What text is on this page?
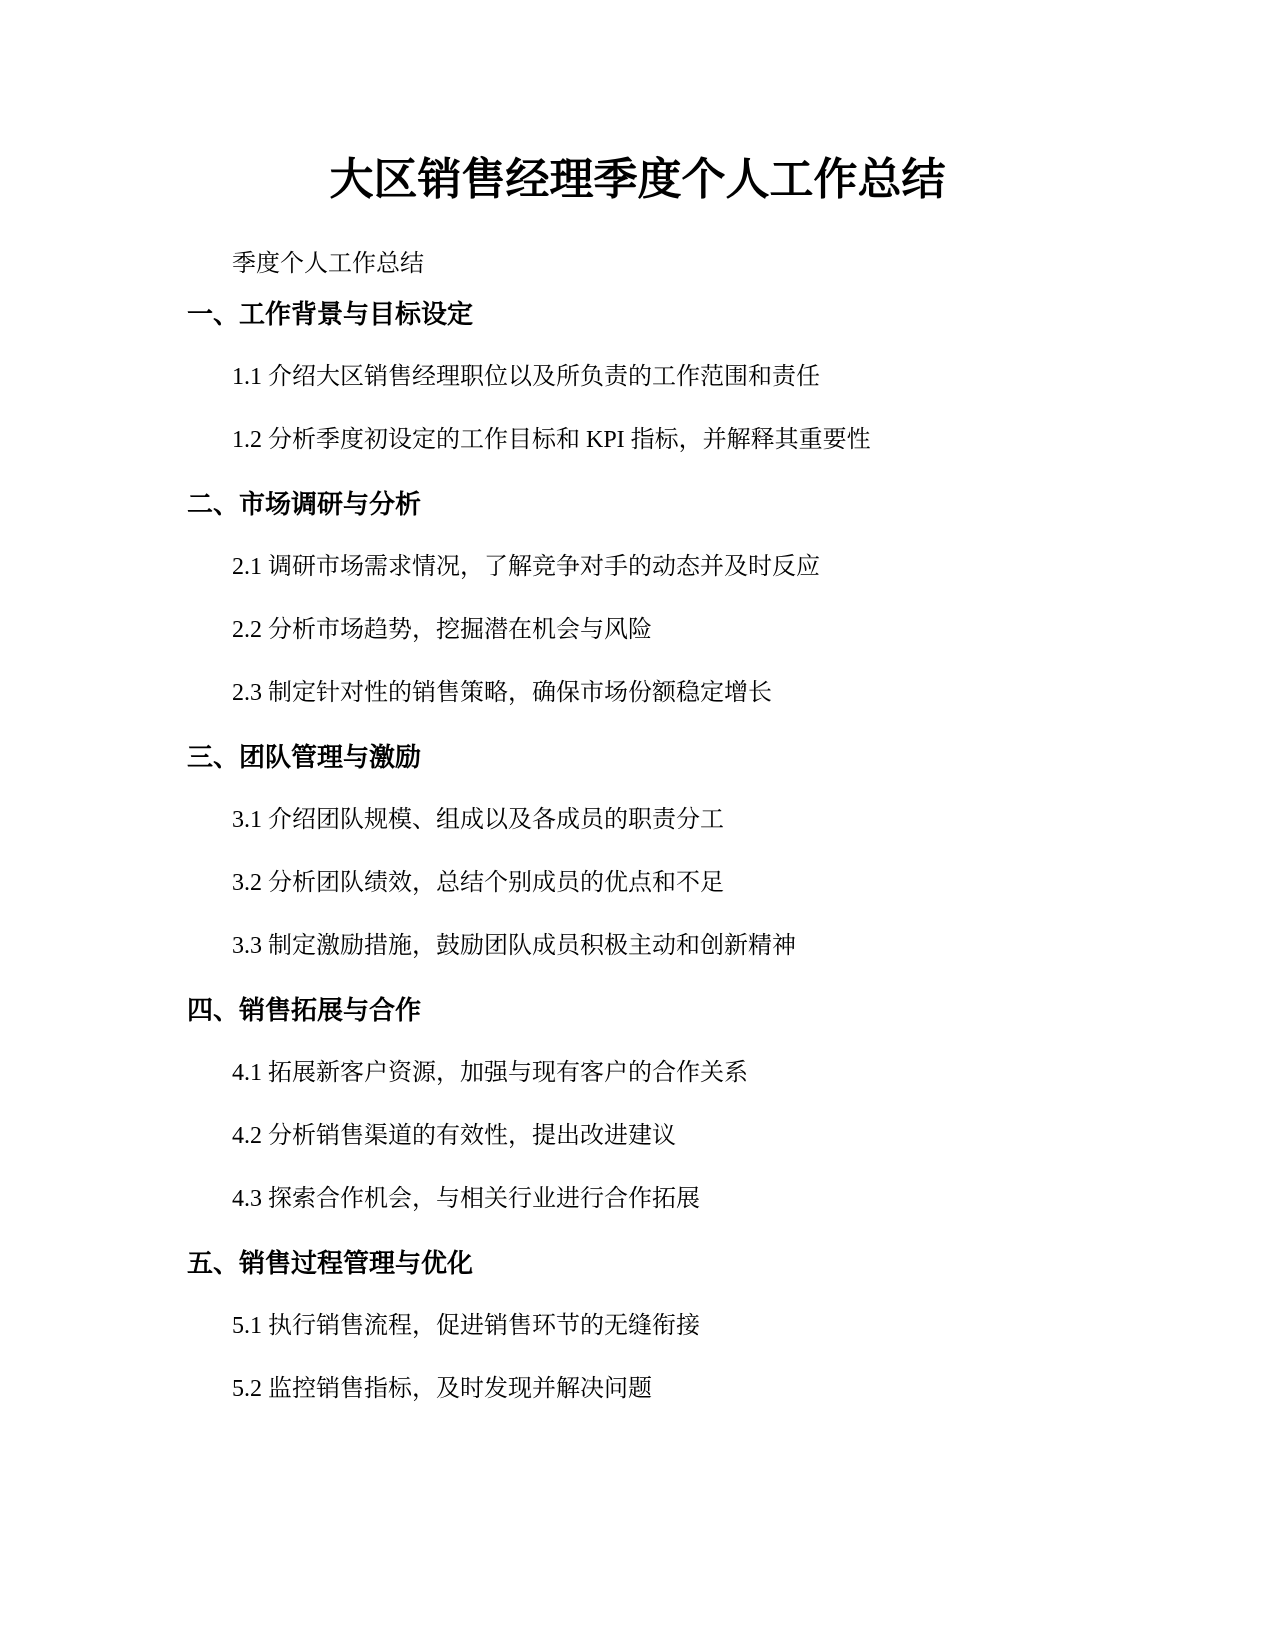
大区销售经理季度个人工作总结

季度个人工作总结

一、工作背景与目标设定

1.1 介绍大区销售经理职位以及所负责的工作范围和责任

1.2 分析季度初设定的工作目标和 KPI 指标，并解释其重要性

二、市场调研与分析

2.1 调研市场需求情况，了解竞争对手的动态并及时反应

2.2 分析市场趋势，挖掘潜在机会与风险

2.3 制定针对性的销售策略，确保市场份额稳定增长

三、团队管理与激励

3.1 介绍团队规模、组成以及各成员的职责分工

3.2 分析团队绩效，总结个别成员的优点和不足

3.3 制定激励措施，鼓励团队成员积极主动和创新精神

四、销售拓展与合作

4.1 拓展新客户资源，加强与现有客户的合作关系

4.2 分析销售渠道的有效性，提出改进建议

4.3 探索合作机会，与相关行业进行合作拓展

五、销售过程管理与优化

5.1 执行销售流程，促进销售环节的无缝衔接

5.2 监控销售指标，及时发现并解决问题
